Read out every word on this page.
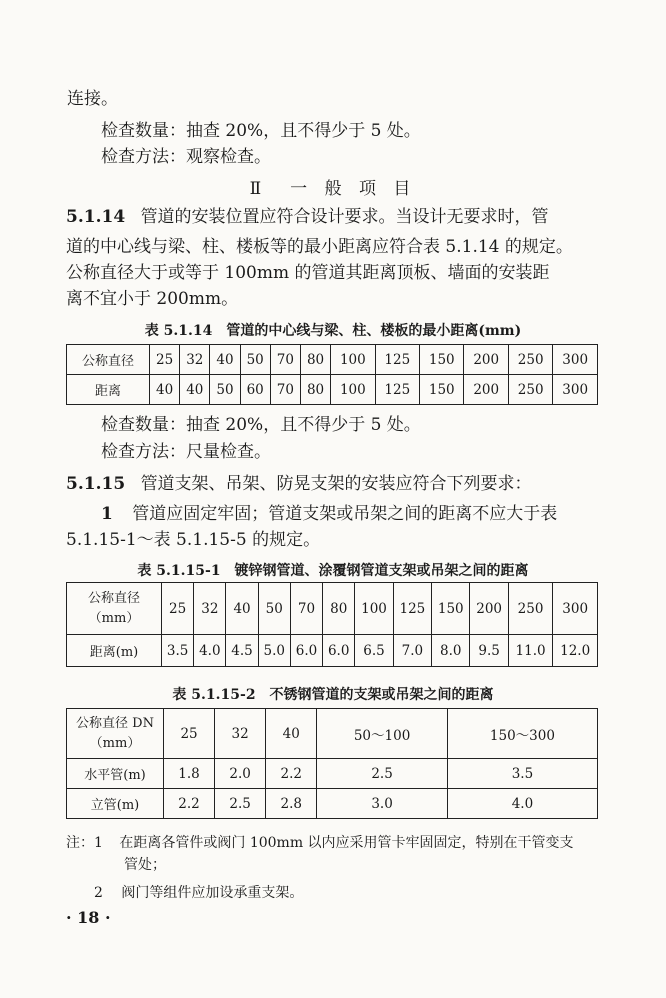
连接。
检查数量：抽查 20%，且不得少于 5 处。
检查方法：观察检查。
Ⅱ　一 般 项 目
5.1.14 管道的安装位置应符合设计要求。当设计无要求时，管
道的中心线与梁、柱、楼板等的最小距离应符合表 5.1.14 的规定。
公称直径大于或等于 100mm 的管道其距离顶板、墙面的安装距
离不宜小于 200mm。
表 5.1.14　管道的中心线与梁、柱、楼板的最小距离(mm)
公称直径	25	32	40	50	70	80	100	125	150	200	250	300
距离	40	40	50	60	70	80	100	125	150	200	250	300
检查数量：抽查 20%，且不得少于 5 处。
检查方法：尺量检查。
5.1.15 管道支架、吊架、防晃支架的安装应符合下列要求：
1 管道应固定牢固；管道支架或吊架之间的距离不应大于表
5.1.15-1～表 5.1.15-5 的规定。
表 5.1.15-1　镀锌钢管道、涂覆钢管道支架或吊架之间的距离
公称直径
（mm）	25	32	40	50	70	80	100	125	150	200	250	300
距离(m)	3.5	4.0	4.5	5.0	6.0	6.0	6.5	7.0	8.0	9.5	11.0	12.0
表 5.1.15-2　不锈钢管道的支架或吊架之间的距离
公称直径 DN
（mm）	25	32	40	50～100	150～300
水平管(m)	1.8	2.0	2.2	2.5	3.5
立管(m)	2.2	2.5	2.8	3.0	4.0
注：1 在距离各管件或阀门 100mm 以内应采用管卡牢固固定，特别在干管变支
管处；
2 阀门等组件应加设承重支架。
· 18 ·
